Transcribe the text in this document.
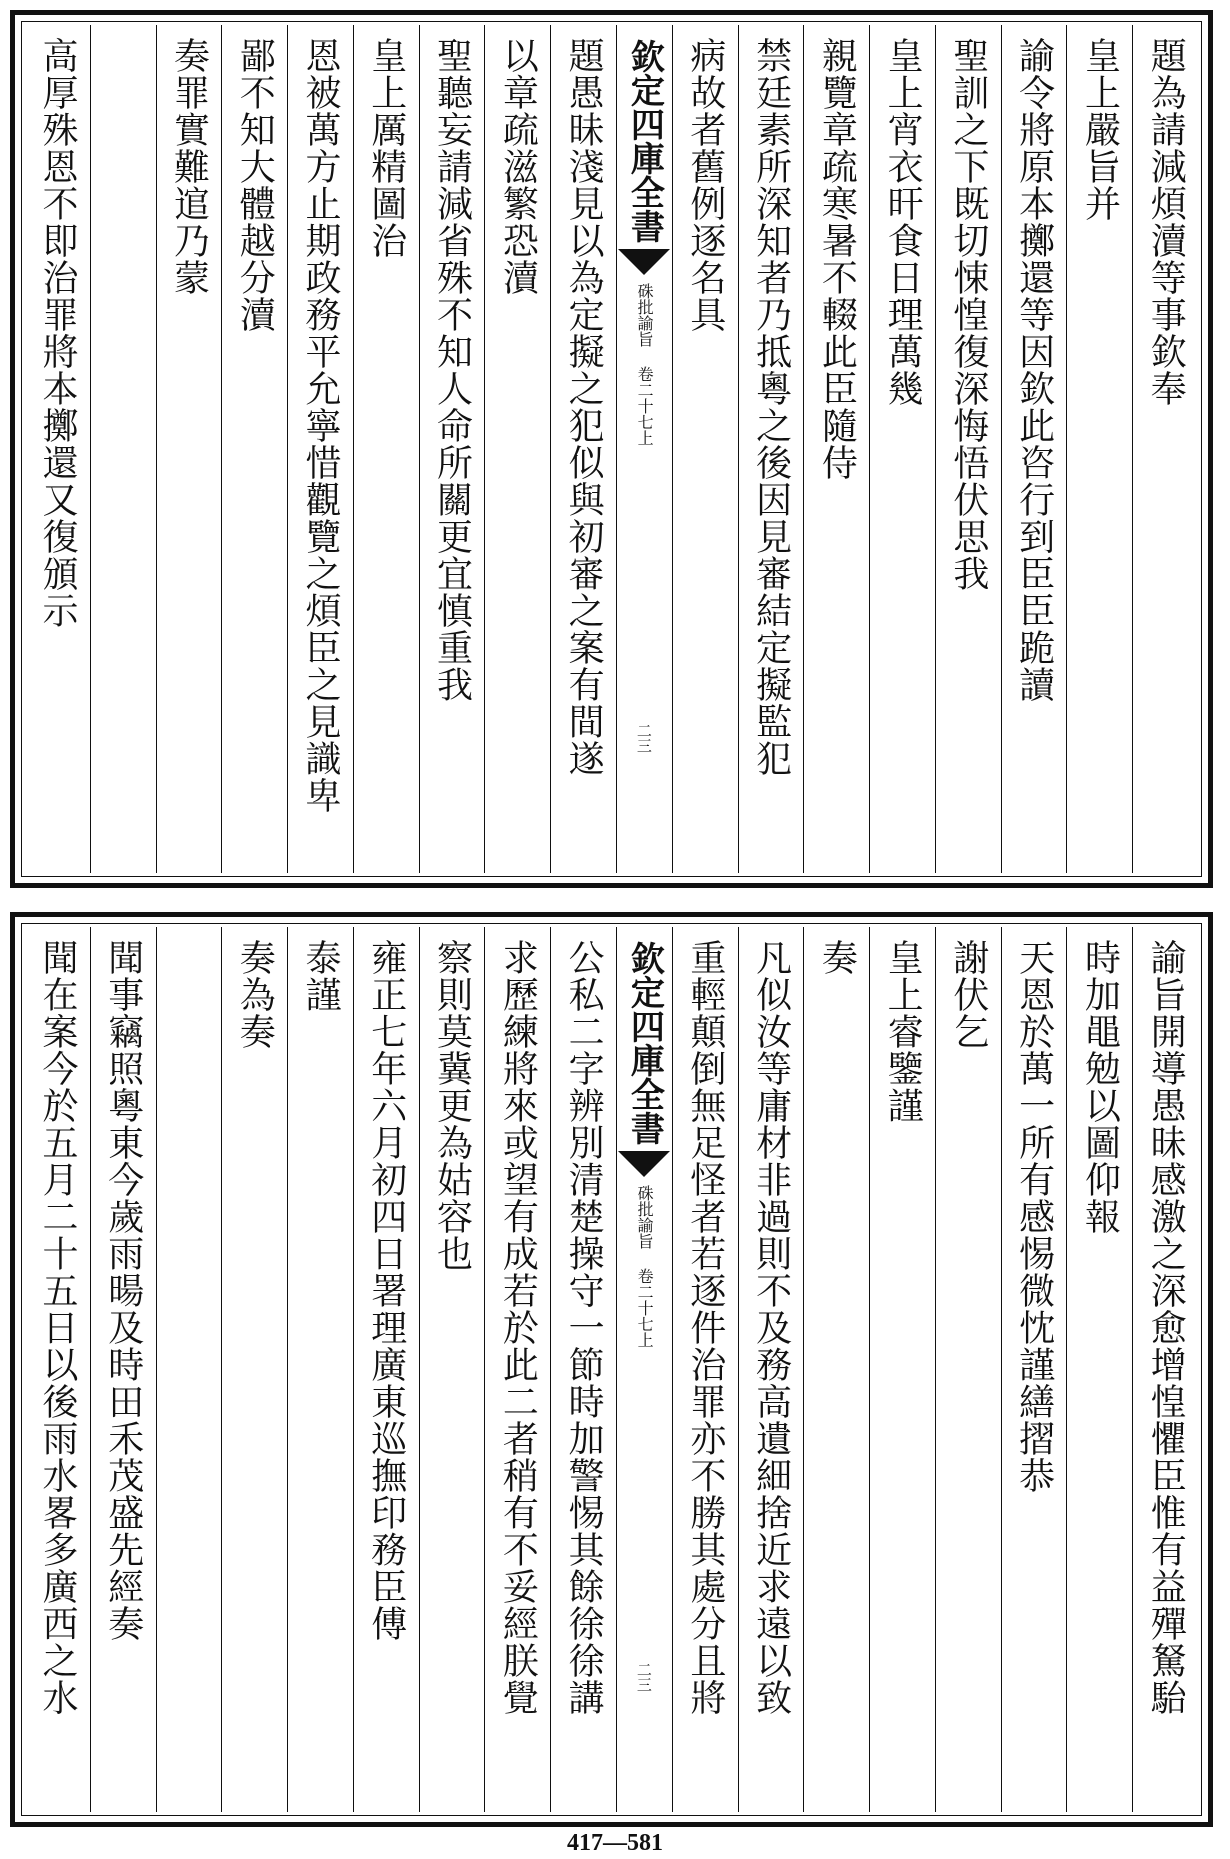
題為請減煩瀆等事欽奉
皇上嚴旨并
諭令將原本擲還等因欽此咨行到臣臣跪讀
聖訓之下既切悚惶復深悔悟伏思我
皇上宵衣旰食日理萬幾
親覽章疏寒暑不輟此臣隨侍
禁廷素所深知者乃抵粵之後因見審結定擬監犯
病故者舊例逐名具
欽定四庫全書
硃批諭旨 卷二十七上
二三
題愚昧淺見以為定擬之犯似與初審之案有間遂
以章疏滋繁恐瀆
聖聽妄請減省殊不知人命所關更宜慎重我
皇上厲精圖治
恩被萬方止期政務平允寧惜觀覽之煩臣之見識卑
鄙不知大體越分瀆
奏罪實難逭乃蒙
高厚殊恩不即治罪將本擲還又復頒示
諭旨開導愚昧感激之深愈增惶懼臣惟有益殫駑駘
時加黽勉以圖仰報
天恩於萬一所有感惕微忱謹繕摺恭
謝伏乞
皇上睿鑒謹
奏
凡似汝等庸材非過則不及務高遺細捨近求遠以致
重輕顛倒無足怪者若逐件治罪亦不勝其處分且將
欽定四庫全書
硃批諭旨 卷二十七上
二三
公私二字辨別清楚操守一節時加警惕其餘徐徐講
求歷練將來或望有成若於此二者稍有不妥經朕覺
察則莫冀更為姑容也
雍正七年六月初四日署理廣東巡撫印務臣傅
泰謹
奏為奏
聞事竊照粵東今歲雨暘及時田禾茂盛先經奏
聞在案今於五月二十五日以後雨水畧多廣西之水
417—581
